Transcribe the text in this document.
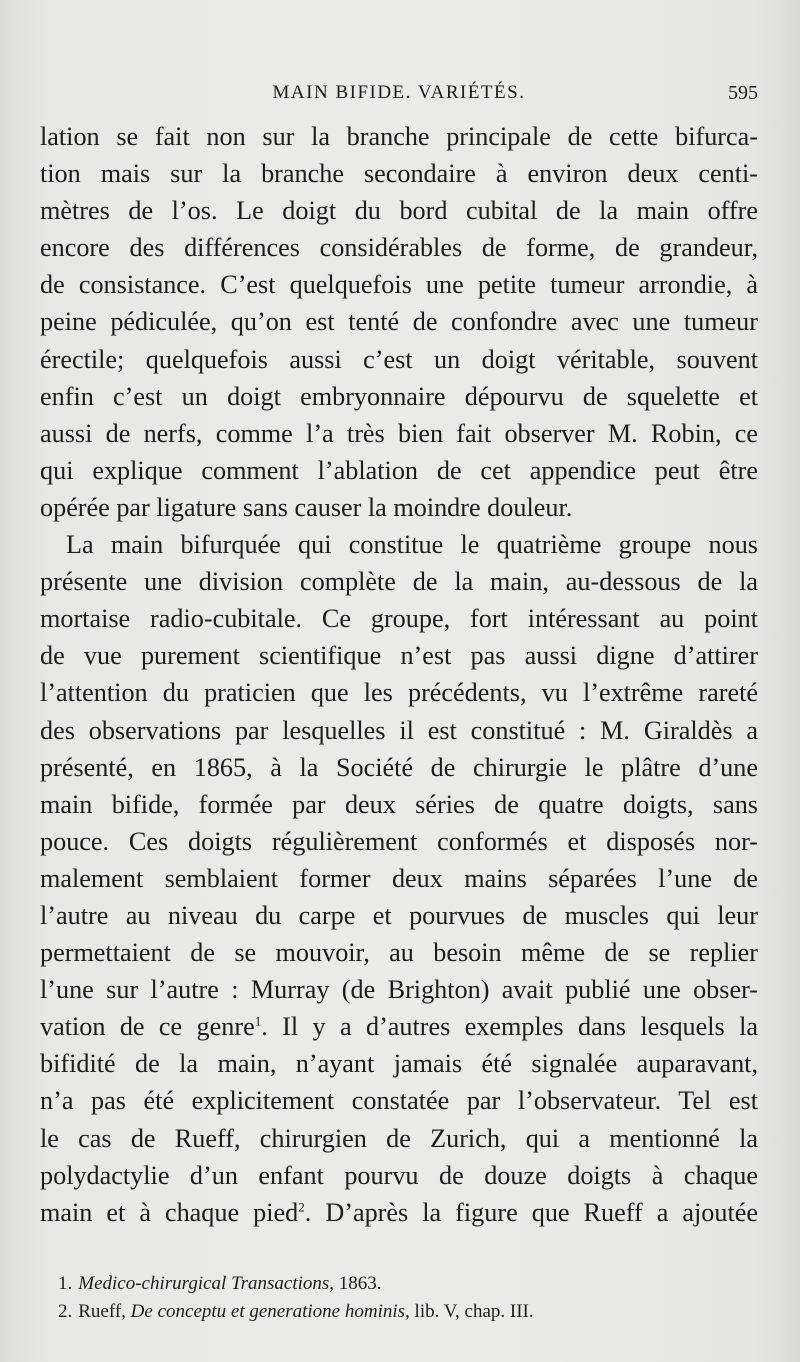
MAIN BIFIDE. VARIÉTÉS.	595
lation se fait non sur la branche principale de cette bifurca-
tion mais sur la branche secondaire à environ deux centi-
mètres de l’os. Le doigt du bord cubital de la main offre
encore des différences considérables de forme, de grandeur,
de consistance. C’est quelquefois une petite tumeur arrondie, à
peine pédiculée, qu’on est tenté de confondre avec une tumeur
érectile; quelquefois aussi c’est un doigt véritable, souvent
enfin c’est un doigt embryonnaire dépourvu de squelette et
aussi de nerfs, comme l’a très bien fait observer M. Robin, ce
qui explique comment l’ablation de cet appendice peut être
opérée par ligature sans causer la moindre douleur.
La main bifurquée qui constitue le quatrième groupe nous
présente une division complète de la main, au-dessous de la
mortaise radio-cubitale. Ce groupe, fort intéressant au point
de vue purement scientifique n’est pas aussi digne d’attirer
l’attention du praticien que les précédents, vu l’extrême rareté
des observations par lesquelles il est constitué : M. Giraldès a
présenté, en 1865, à la Société de chirurgie le plâtre d’une
main bifide, formée par deux séries de quatre doigts, sans
pouce. Ces doigts régulièrement conformés et disposés nor-
malement semblaient former deux mains séparées l’une de
l’autre au niveau du carpe et pourvues de muscles qui leur
permettaient de se mouvoir, au besoin même de se replier
l’une sur l’autre : Murray (de Brighton) avait publié une obser-
vation de ce genre$^1$. Il y a d’autres exemples dans lesquels la
bifidité de la main, n’ayant jamais été signalée auparavant,
n’a pas été explicitement constatée par l’observateur. Tel est
le cas de Rueff, chirurgien de Zurich, qui a mentionné la
polydactylie d’un enfant pourvu de douze doigts à chaque
main et à chaque pied$^2$. D’après la figure que Rueff a ajoutée
1. Medico-chirurgical Transactions, 1863.
2. Rueff, De conceptu et generatione hominis, lib. V, chap. III.
